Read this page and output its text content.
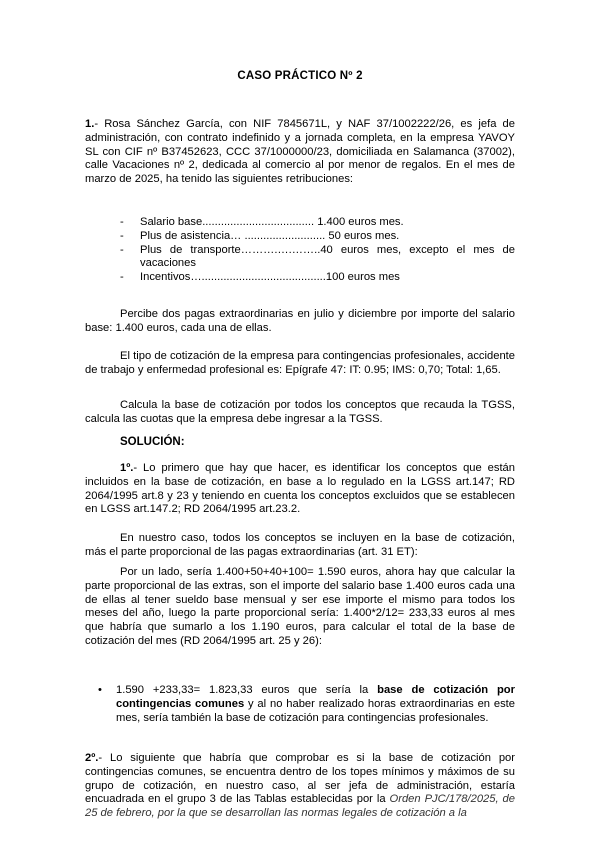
CASO PRÁCTICO Nº 2

1.- Rosa Sánchez García, con NIF 7845671L, y NAF 37/1002222/26, es jefa de administración, con contrato indefinido y a jornada completa, en la empresa YAVOY SL con CIF nº B37452623, CCC 37/1000000/23, domiciliada en Salamanca (37002), calle Vacaciones nº 2, dedicada al comercio al por menor de regalos. En el mes de marzo de 2025, ha tenido las siguientes retribuciones:

- Salario base.................................... 1.400 euros mes.
- Plus de asistencia… .......................... 50 euros mes.
- Plus de transporte……….….……..40 euros mes, excepto el mes de vacaciones
- Incentivos…........................................100 euros mes

Percibe dos pagas extraordinarias en julio y diciembre por importe del salario base: 1.400 euros, cada una de ellas.

El tipo de cotización de la empresa para contingencias profesionales, accidente de trabajo y enfermedad profesional es: Epígrafe 47: IT: 0.95; IMS: 0,70; Total: 1,65.

Calcula la base de cotización por todos los conceptos que recauda la TGSS, calcula las cuotas que la empresa debe ingresar a la TGSS.

SOLUCIÓN:

1º.- Lo primero que hay que hacer, es identificar los conceptos que están incluidos en la base de cotización, en base a lo regulado en la LGSS art.147; RD 2064/1995 art.8 y 23 y teniendo en cuenta los conceptos excluidos que se establecen en LGSS art.147.2; RD 2064/1995 art.23.2.

En nuestro caso, todos los conceptos se incluyen en la base de cotización, más el parte proporcional de las pagas extraordinarias (art. 31 ET):

Por un lado, sería 1.400+50+40+100= 1.590 euros, ahora hay que calcular la parte proporcional de las extras, son el importe del salario base 1.400 euros cada una de ellas al tener sueldo base mensual y ser ese importe el mismo para todos los meses del año, luego la parte proporcional sería: 1.400*2/12= 233,33 euros al mes que habría que sumarlo a los 1.190 euros, para calcular el total de la base de cotización del mes (RD 2064/1995 art. 25 y 26):

• 1.590 +233,33= 1.823,33 euros que sería la base de cotización por contingencias comunes y al no haber realizado horas extraordinarias en este mes, sería también la base de cotización para contingencias profesionales.

2º.- Lo siguiente que habría que comprobar es si la base de cotización por contingencias comunes, se encuentra dentro de los topes mínimos y máximos de su grupo de cotización, en nuestro caso, al ser jefa de administración, estaría encuadrada en el grupo 3 de las Tablas establecidas por la Orden PJC/178/2025, de 25 de febrero, por la que se desarrollan las normas legales de cotización a la
